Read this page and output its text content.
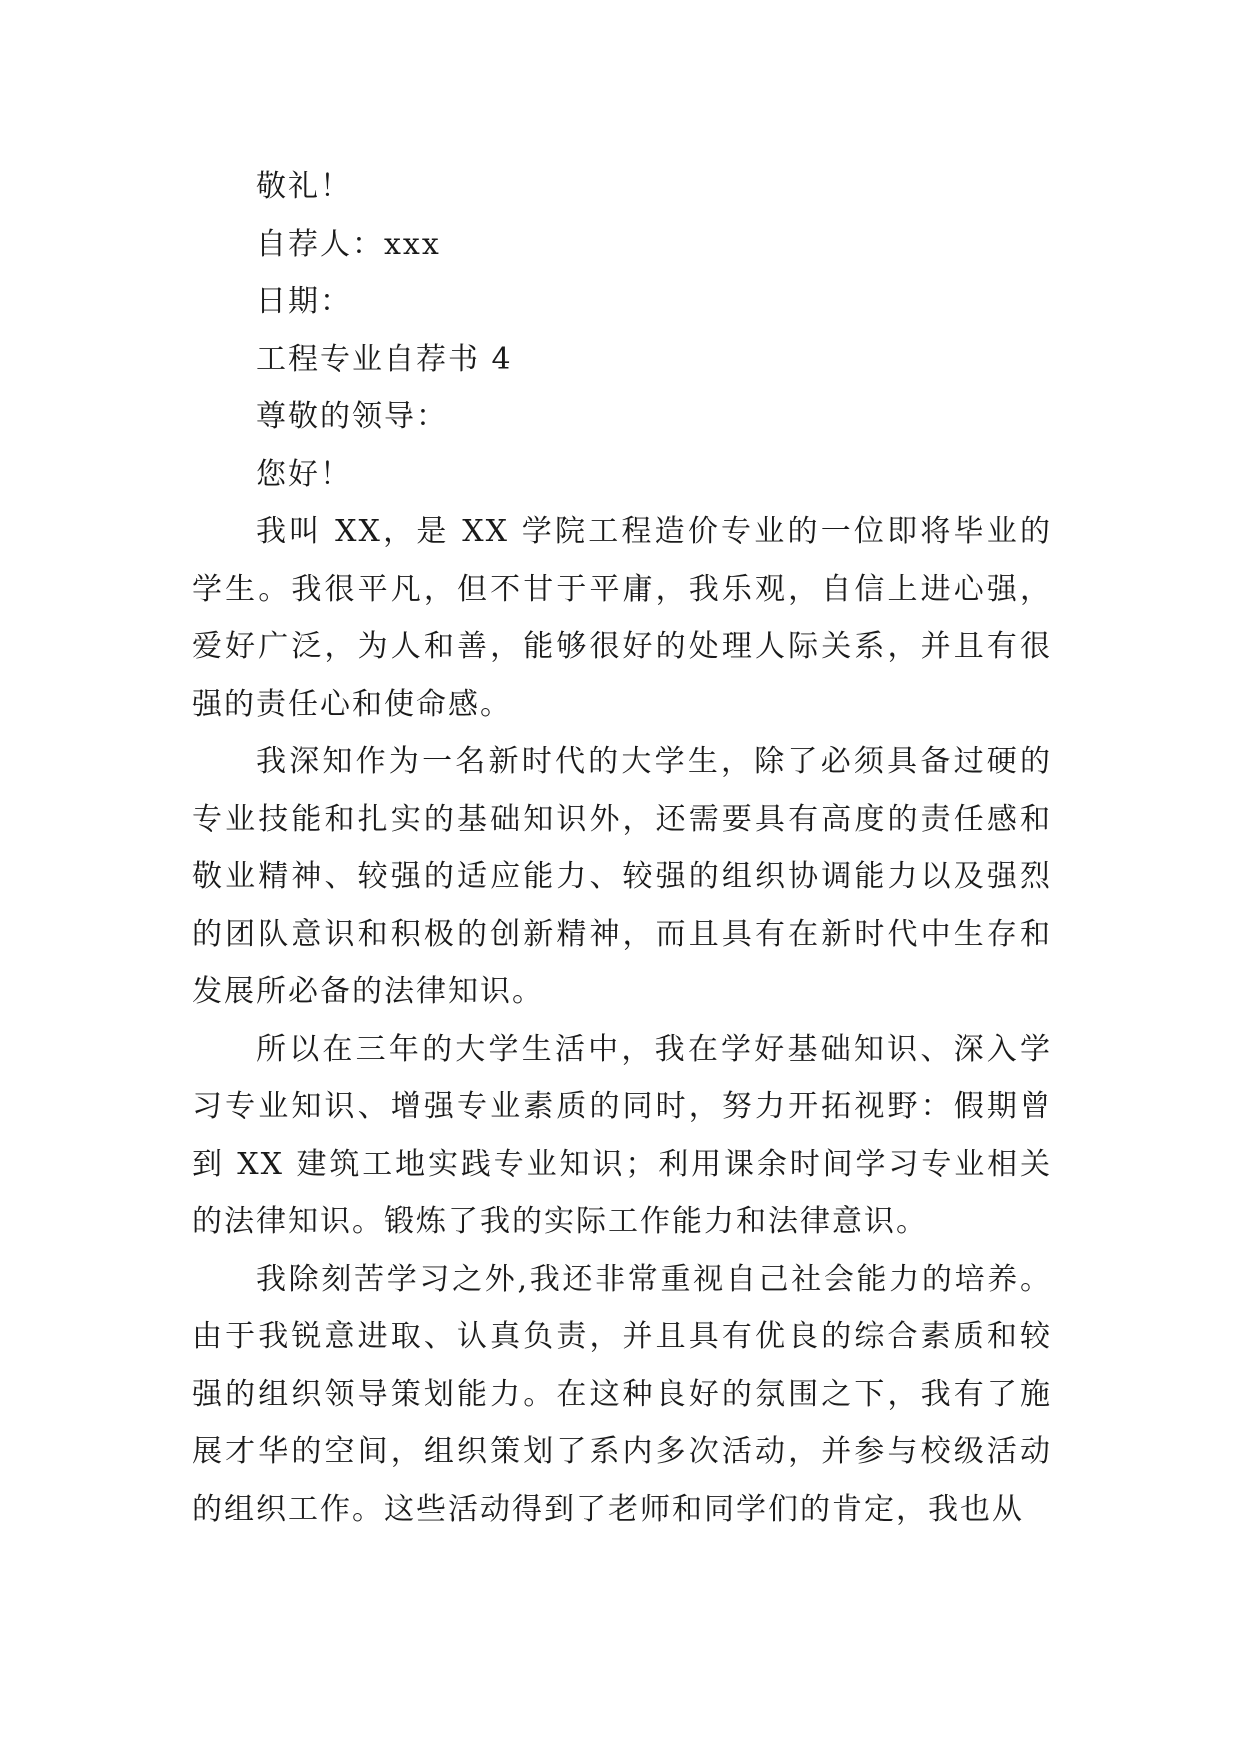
敬礼！

自荐人：xxx

日期：

工程专业自荐书 4

尊敬的领导：

您好！

我叫 XX，是 XX 学院工程造价专业的一位即将毕业的学生。我很平凡，但不甘于平庸，我乐观，自信上进心强，爱好广泛，为人和善，能够很好的处理人际关系，并且有很强的责任心和使命感。

我深知作为一名新时代的大学生，除了必须具备过硬的专业技能和扎实的基础知识外，还需要具有高度的责任感和敬业精神、较强的适应能力、较强的组织协调能力以及强烈的团队意识和积极的创新精神，而且具有在新时代中生存和发展所必备的法律知识。

所以在三年的大学生活中，我在学好基础知识、深入学习专业知识、增强专业素质的同时，努力开拓视野：假期曾到 XX 建筑工地实践专业知识；利用课余时间学习专业相关的法律知识。锻炼了我的实际工作能力和法律意识。

我除刻苦学习之外,我还非常重视自己社会能力的培养。由于我锐意进取、认真负责，并且具有优良的综合素质和较强的组织领导策划能力。在这种良好的氛围之下，我有了施展才华的空间，组织策划了系内多次活动，并参与校级活动的组织工作。这些活动得到了老师和同学们的肯定，我也从
